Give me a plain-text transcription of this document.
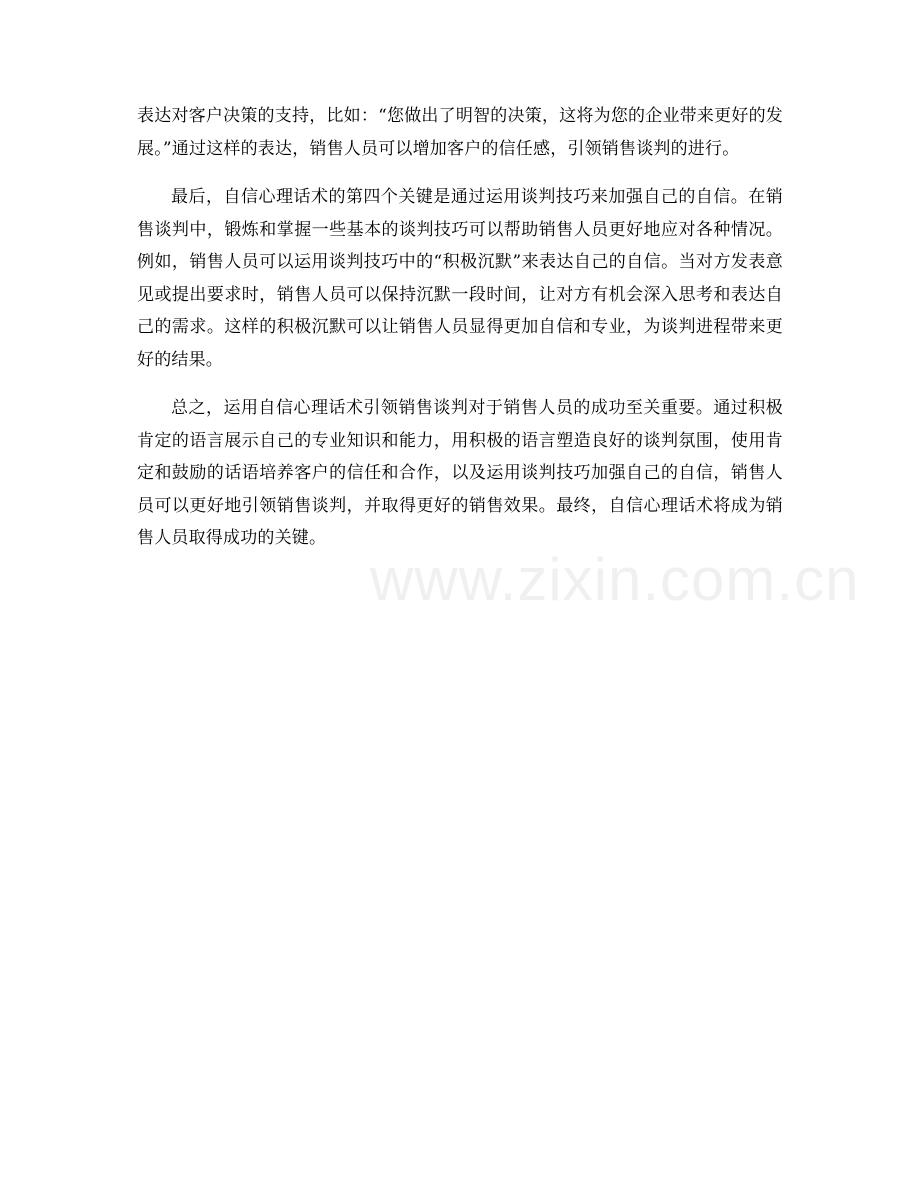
表达对客户决策的支持，比如：“您做出了明智的决策，这将为您的企业带来更好的发展。”通过这样的表达，销售人员可以增加客户的信任感，引领销售谈判的进行。

最后，自信心理话术的第四个关键是通过运用谈判技巧来加强自己的自信。在销售谈判中，锻炼和掌握一些基本的谈判技巧可以帮助销售人员更好地应对各种情况。例如，销售人员可以运用谈判技巧中的“积极沉默”来表达自己的自信。当对方发表意见或提出要求时，销售人员可以保持沉默一段时间，让对方有机会深入思考和表达自己的需求。这样的积极沉默可以让销售人员显得更加自信和专业，为谈判进程带来更好的结果。

总之，运用自信心理话术引领销售谈判对于销售人员的成功至关重要。通过积极肯定的语言展示自己的专业知识和能力，用积极的语言塑造良好的谈判氛围，使用肯定和鼓励的话语培养客户的信任和合作，以及运用谈判技巧加强自己的自信，销售人员可以更好地引领销售谈判，并取得更好的销售效果。最终，自信心理话术将成为销售人员取得成功的关键。

www.zixin.com.cn
